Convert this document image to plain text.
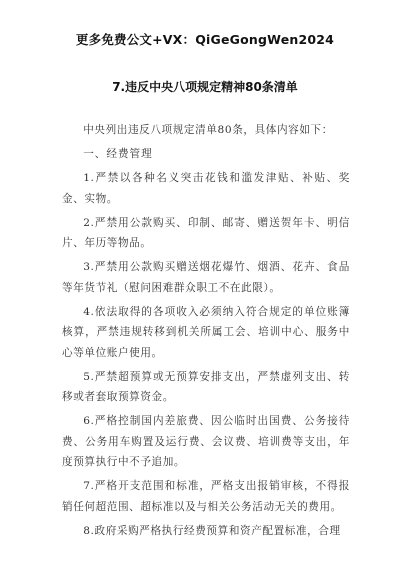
更多免费公文+VX：QiGeGongWen2024
7.违反中央八项规定精神80条清单

中央列出违反八项规定清单80条，具体内容如下：

一、经费管理

1.严禁以各种名义突击花钱和滥发津贴、补贴、奖金、实物。

2.严禁用公款购买、印制、邮寄、赠送贺年卡、明信片、年历等物品。

3.严禁用公款购买赠送烟花爆竹、烟酒、花卉、食品等年货节礼（慰问困难群众职工不在此限）。

4.依法取得的各项收入必须纳入符合规定的单位账簿核算，严禁违规转移到机关所属工会、培训中心、服务中心等单位账户使用。

5.严禁超预算或无预算安排支出，严禁虚列支出、转移或者套取预算资金。

6.严格控制国内差旅费、因公临时出国费、公务接待费、公务用车购置及运行费、会议费、培训费等支出，年度预算执行中不予追加。

7.严格开支范围和标准，严格支出报销审核，不得报销任何超范围、超标准以及与相关公务活动无关的费用。

8.政府采购严格执行经费预算和资产配置标准，合理
